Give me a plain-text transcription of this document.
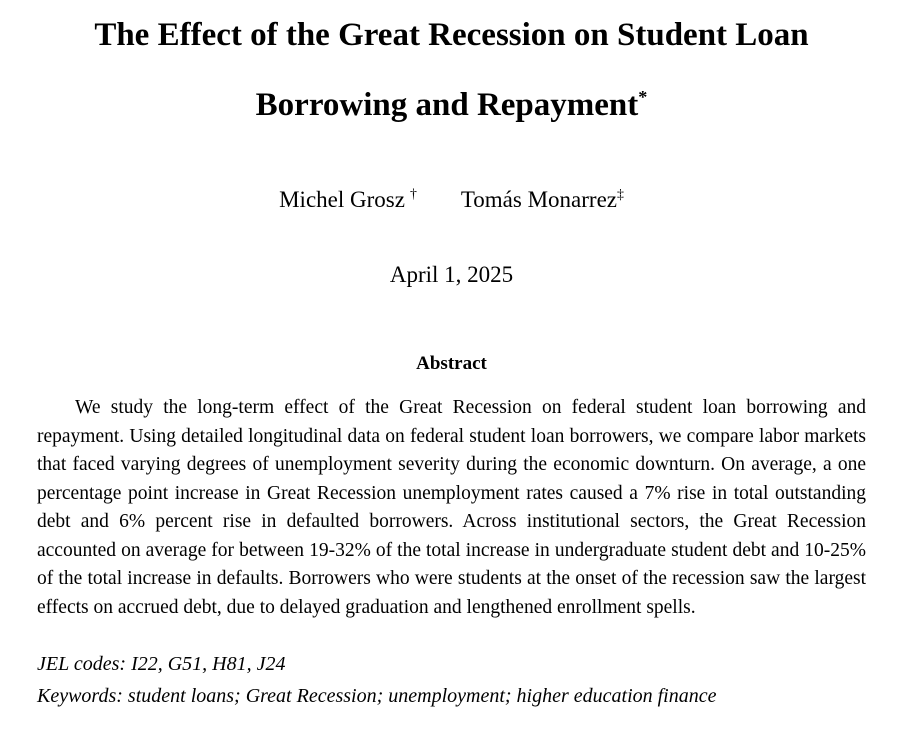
The Effect of the Great Recession on Student Loan
Borrowing and Repayment*
Michel Grosz † Tomás Monarrez‡
April 1, 2025
Abstract

We study the long-term effect of the Great Recession on federal student loan borrowing and repayment. Using detailed longitudinal data on federal student loan borrowers, we compare labor markets that faced varying degrees of unemployment severity during the economic downturn. On average, a one percentage point increase in Great Recession unemployment rates caused a 7% rise in total outstanding debt and 6% percent rise in defaulted borrowers. Across institutional sectors, the Great Recession accounted on average for between 19-32% of the total increase in undergraduate student debt and 10-25% of the total increase in defaults. Borrowers who were students at the onset of the recession saw the largest effects on accrued debt, due to delayed graduation and lengthened enrollment spells.

JEL codes: I22, G51, H81, J24
Keywords: student loans; Great Recession; unemployment; higher education finance
